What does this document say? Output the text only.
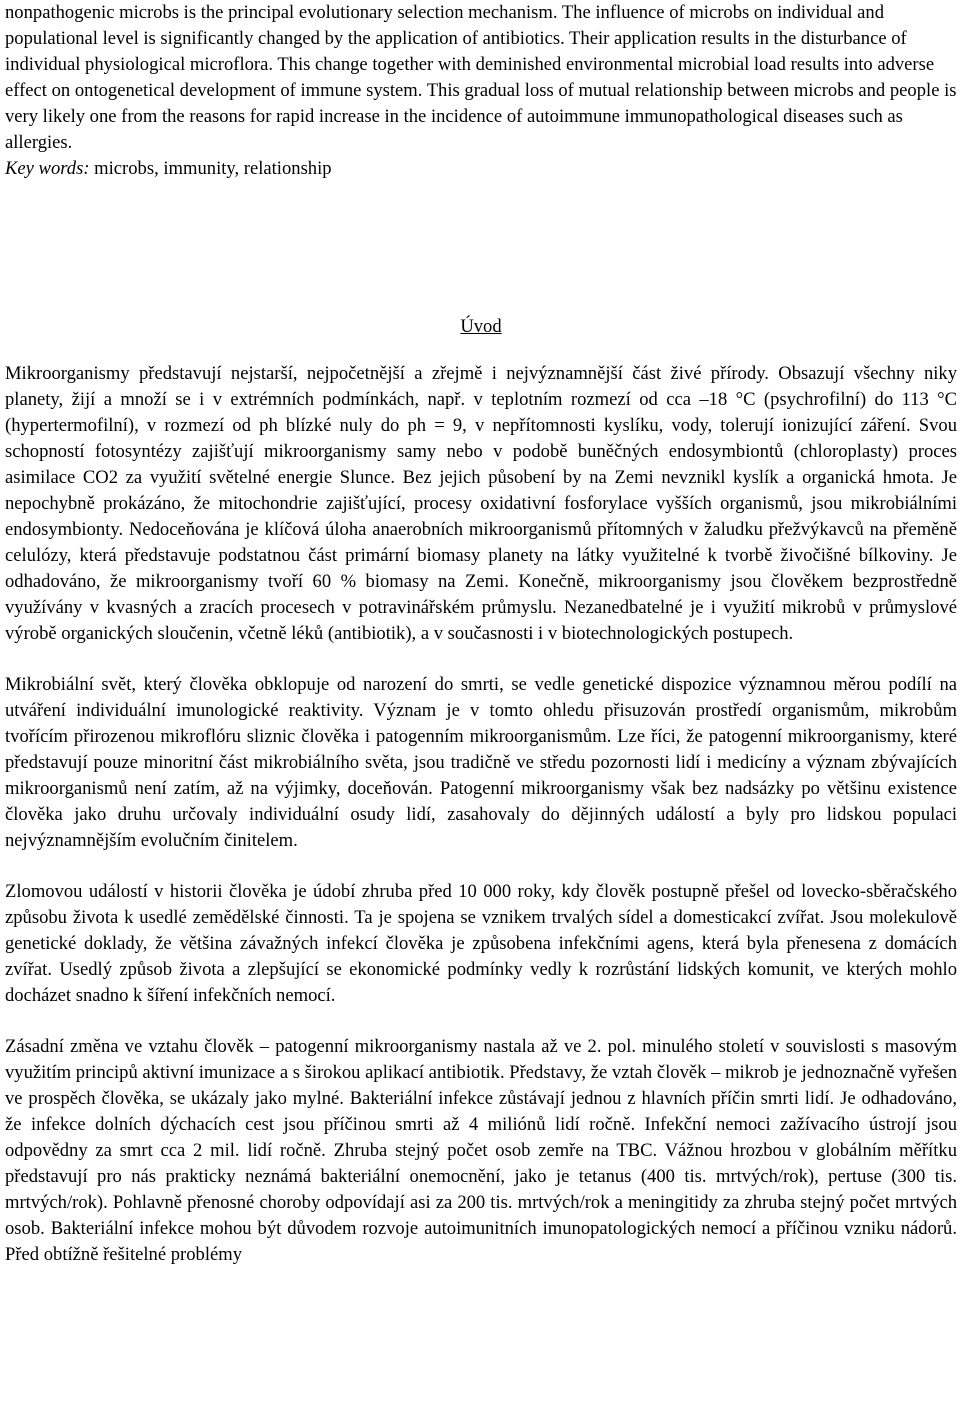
nonpathogenic microbs is the principal evolutionary selection mechanism. The influence of microbs on individual and populational level is significantly changed by the application of antibiotics. Their application results in the disturbance of individual physiological microflora. This change together with deminished environmental microbial load results into adverse effect on ontogenetical development of immune system. This gradual loss of mutual relationship between microbs and people is very likely one from the reasons for rapid increase in the incidence of autoimmune immunopathological diseases such as allergies.

Key words: microbs, immunity, relationship

Úvod

Mikroorganismy představují nejstarší, nejpočetnější a zřejmě i nejvýznamnější část živé přírody. Obsazují všechny niky planety, žijí a množí se i v extrémních podmínkách, např. v teplotním rozmezí od cca –18 °C (psychrofilní) do 113 °C (hypertermofilní), v rozmezí od ph blízké nuly do ph = 9, v nepřítomnosti kyslíku, vody, tolerují ionizující záření. Svou schopností fotosyntézy zajišťují mikroorganismy samy nebo v podobě buněčných endosymbiontů (chloroplasty) proces asimilace CO2 za využití světelné energie Slunce. Bez jejich působení by na Zemi nevznikl kyslík a organická hmota. Je nepochybně prokázáno, že mitochondrie zajišťující, procesy oxidativní fosforylace vyšších organismů, jsou mikrobiálními endosymbionty. Nedoceňována je klíčová úloha anaerobních mikroorganismů přítomných v žaludku přežvýkavců na přeměně celulózy, která představuje podstatnou část primární biomasy planety na látky využitelné k tvorbě živočišné bílkoviny. Je odhadováno, že mikroorganismy tvoří 60 % biomasy na Zemi. Konečně, mikroorganismy jsou člověkem bezprostředně využívány v kvasných a zracích procesech v potravinářském průmyslu. Nezanedbatelné je i využití mikrobů v průmyslové výrobě organických sloučenin, včetně léků (antibiotik), a v současnosti i v biotechnologických postupech.

Mikrobiální svět, který člověka obklopuje od narození do smrti, se vedle genetické dispozice významnou měrou podílí na utváření individuální imunologické reaktivity. Význam je v tomto ohledu přisuzován prostředí organismům, mikrobům tvořícím přirozenou mikroflóru sliznic člověka i patogenním mikroorganismům. Lze říci, že patogenní mikroorganismy, které představují pouze minoritní část mikrobiálního světa, jsou tradičně ve středu pozornosti lidí i medicíny a význam zbývajících mikroorganismů není zatím, až na výjimky, doceňován. Patogenní mikroorganismy však bez nadsázky po většinu existence člověka jako druhu určovaly individuální osudy lidí, zasahovaly do dějinných událostí a byly pro lidskou populaci nejvýznamnějším evolučním činitelem.

Zlomovou událostí v historii člověka je údobí zhruba před 10 000 roky, kdy člověk postupně přešel od lovecko-sběračského způsobu života k usedlé zemědělské činnosti. Ta je spojena se vznikem trvalých sídel a domesticakcí zvířat. Jsou molekulově genetické doklady, že většina závažných infekcí člověka je způsobena infekčními agens, která byla přenesena z domácích zvířat. Usedlý způsob života a zlepšující se ekonomické podmínky vedly k rozrůstání lidských komunit, ve kterých mohlo docházet snadno k šíření infekčních nemocí.

Zásadní změna ve vztahu člověk – patogenní mikroorganismy nastala až ve 2. pol. minulého století v souvislosti s masovým využitím principů aktivní imunizace a s širokou aplikací antibiotik. Představy, že vztah člověk – mikrob je jednoznačně vyřešen ve prospěch člověka, se ukázaly jako mylné. Bakteriální infekce zůstávají jednou z hlavních příčin smrti lidí. Je odhadováno, že infekce dolních dýchacích cest jsou příčinou smrti až 4 miliónů lidí ročně. Infekční nemoci zažívacího ústrojí jsou odpovědny za smrt cca 2 mil. lidí ročně. Zhruba stejný počet osob zemře na TBC. Vážnou hrozbou v globálním měřítku představují pro nás prakticky neznámá bakteriální onemocnění, jako je tetanus (400 tis. mrtvých/rok), pertuse (300 tis. mrtvých/rok). Pohlavně přenosné choroby odpovídají asi za 200 tis. mrtvých/rok a meningitidy za zhruba stejný počet mrtvých osob. Bakteriální infekce mohou být důvodem rozvoje autoimunitních imunopatologických nemocí a příčinou vzniku nádorů. Před obtížně řešitelné problémy
